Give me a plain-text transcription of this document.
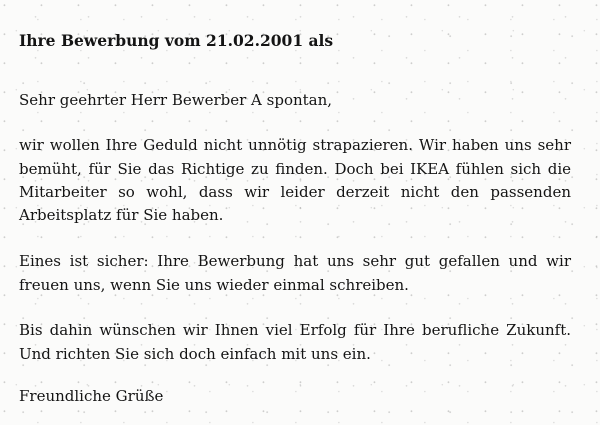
Ihre Bewerbung vom 21.02.2001 als

Sehr geehrter Herr Bewerber A spontan,

wir wollen Ihre Geduld nicht unnötig strapazieren. Wir haben uns sehr

bemüht, für Sie das Richtige zu finden. Doch bei IKEA fühlen sich die

Mitarbeiter so wohl, dass wir leider derzeit nicht den passenden

Arbeitsplatz für Sie haben.

Eines ist sicher: Ihre Bewerbung hat uns sehr gut gefallen und wir

freuen uns, wenn Sie uns wieder einmal schreiben.

Bis dahin wünschen wir Ihnen viel Erfolg für Ihre berufliche Zukunft.

Und richten Sie sich doch einfach mit uns ein.

Freundliche Grüße
